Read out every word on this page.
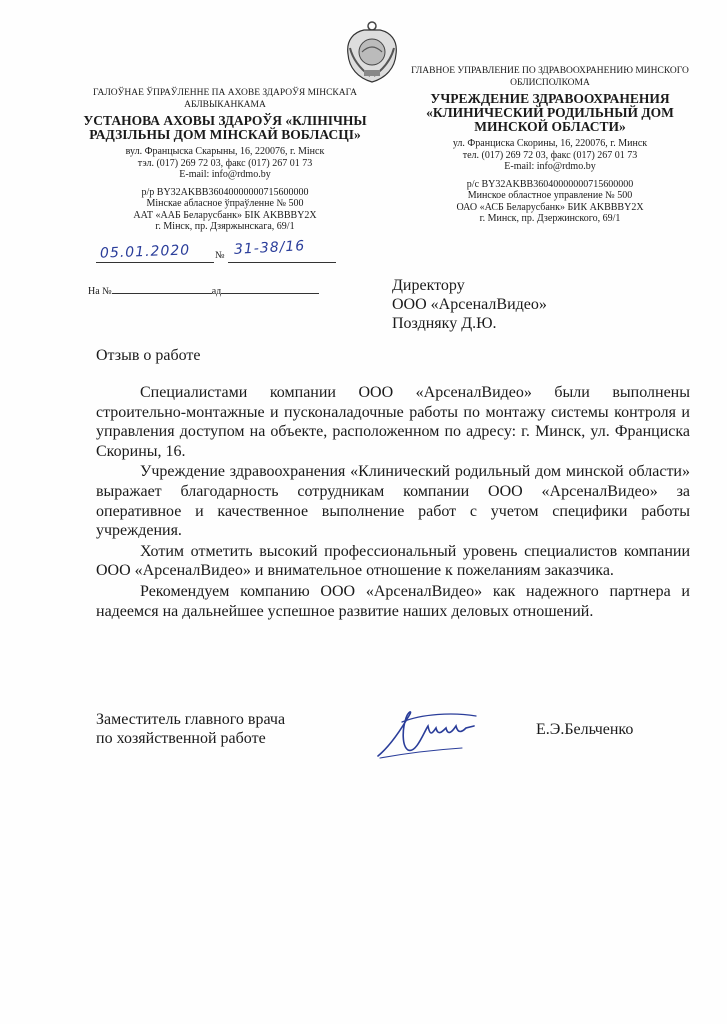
ГАЛОЎНАЕ ЎПРАЎЛЕННЕ ПА АХОВЕ ЗДАРОЎЯ МІНСКАГА АБЛВЫКАНКАМА
УСТАНОВА АХОВЫ ЗДАРОЎЯ «КЛІНІЧНЫ РАДЗІЛЬНЫ ДОМ МІНСКАЙ ВОБЛАСЦІ»
вул. Францыска Скарыны, 16, 220076, г. Мінск
тэл. (017) 269 72 03, факс (017) 267 01 73
E-mail: info@rdmo.by
р/р BY32AKBB36040000000715600000
Мінскае абласное ўпраўленне № 500
ААТ «ААБ Беларусбанк» БІК AKBBBY2X
г. Мінск, пр. Дзяржынскага, 69/1
ГЛАВНОЕ УПРАВЛЕНИЕ ПО ЗДРАВООХРАНЕНИЮ МИНСКОГО ОБЛИСПОЛКОМА
УЧРЕЖДЕНИЕ ЗДРАВООХРАНЕНИЯ «КЛИНИЧЕСКИЙ РОДИЛЬНЫЙ ДОМ МИНСКОЙ ОБЛАСТИ»
ул. Франциска Скорины, 16, 220076, г. Минск
тел. (017) 269 72 03, факс (017) 267 01 73
E-mail: info@rdmo.by
р/с BY32AKBB36040000000715600000
Минское областное управление № 500
ОАО «АСБ Беларусбанк» БИК AKBBBY2X
г. Минск, пр. Дзержинского, 69/1
05.01.2020 № 31-38/16
На №	ад	Директору
ООО «АрсеналВидео»
Поздняку Д.Ю.
Отзыв о работе

Специалистами компании ООО «АрсеналВидео» были выполнены строительно-монтажные и пусконаладочные работы по монтажу системы контроля и управления доступом на объекте, расположенном по адресу: г. Минск, ул. Франциска Скорины, 16.

Учреждение здравоохранения «Клинический родильный дом минской области» выражает благодарность сотрудникам компании ООО «АрсеналВидео» за оперативное и качественное выполнение работ с учетом специфики работы учреждения.

Хотим отметить высокий профессиональный уровень специалистов компании ООО «АрсеналВидео» и внимательное отношение к пожеланиям заказчика.

Рекомендуем компанию ООО «АрсеналВидео» как надежного партнера и надеемся на дальнейшее успешное развитие наших деловых отношений.

Заместитель главного врача
по хозяйственной работе
Е.Э.Бельченко
